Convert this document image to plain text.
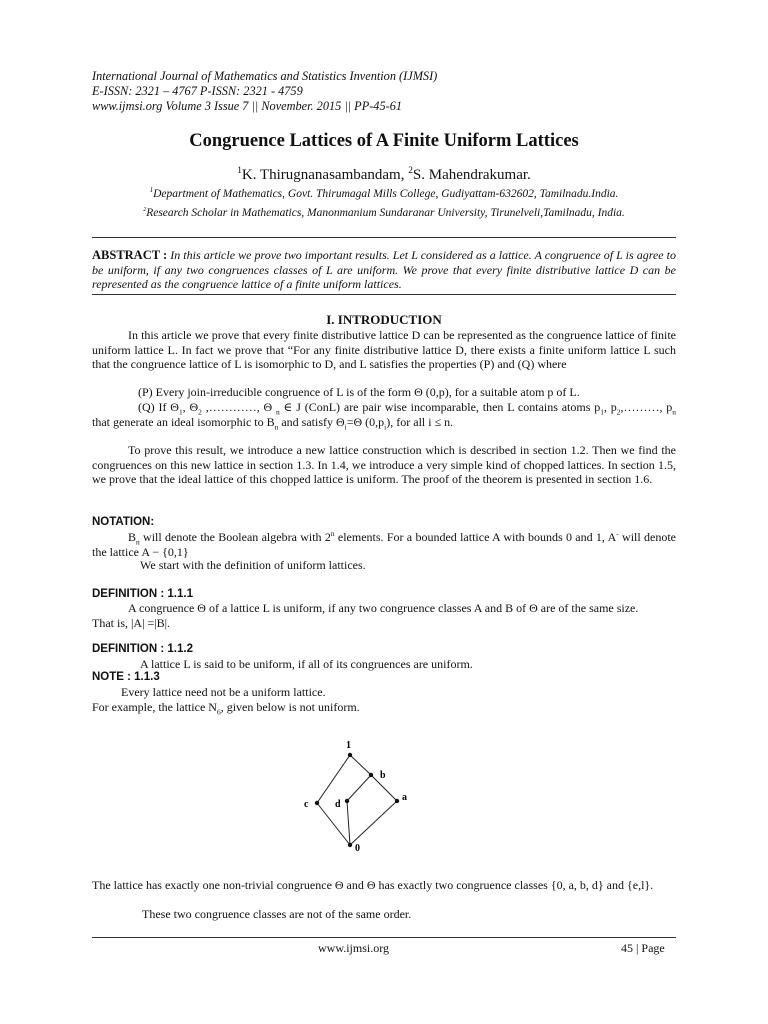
International Journal of Mathematics and Statistics Invention (IJMSI)
E-ISSN: 2321 – 4767 P-ISSN: 2321 - 4759
www.ijmsi.org Volume 3 Issue 7 || November. 2015 || PP-45-61
Congruence Lattices of A Finite Uniform Lattices
$^1$K. Thirugnanasambandam, $^2$S. Mahendrakumar.
$^1$Department of Mathematics, Govt. Thirumagal Mills College, Gudiyattam-632602, Tamilnadu.India.
$^2$Research Scholar in Mathematics, Manonmanium Sundaranar University, Tirunelveli,Tamilnadu, India.
ABSTRACT : In this article we prove two important results. Let L considered as a lattice. A congruence of L is agree to be uniform, if any two congruences classes of L are uniform. We prove that every finite distributive lattice D can be represented as the congruence lattice of a finite uniform lattices.
I. INTRODUCTION
In this article we prove that every finite distributive lattice D can be represented as the congruence lattice of finite uniform lattice L. In fact we prove that “For any finite distributive lattice D, there exists a finite uniform lattice L such that the congruence lattice of L is isomorphic to D, and L satisfies the properties (P) and (Q) where
(P) Every join-irreducible congruence of L is of the form Θ (0,p), for a suitable atom p of L.
(Q) If $\Theta_1$, $\Theta_2$ ,…………, Θ $_n$ ∈ J (ConL) are pair wise incomparable, then L contains atoms $p_1$, $p_2,\dots\dots\dots$, $p_n$ that generate an ideal isomorphic to $B_n$ and satisfy $\Theta_i=\Theta$ $(0,p_i)$, for all i ≤ n.
To prove this result, we introduce a new lattice construction which is described in section 1.2. Then we find the congruences on this new lattice in section 1.3. In 1.4, we introduce a very simple kind of chopped lattices. In section 1.5, we prove that the ideal lattice of this chopped lattice is uniform. The proof of the theorem is presented in section 1.6.
NOTATION:
$B_n$ will denote the Boolean algebra with 2$^n$ elements. For a bounded lattice A with bounds 0 and 1, A- will denote the lattice A − {0,1}
We start with the definition of uniform lattices.
DEFINITION : 1.1.1
A congruence Θ of a lattice L is uniform, if any two congruence classes A and B of Θ are of the same size.
That is, |A| =|B|.
DEFINITION : 1.1.2
A lattice L is said to be uniform, if all of its congruences are uniform.
NOTE : 1.1.3
Every lattice need not be a uniform lattice.
For example, the lattice $N_6$, given below is not uniform.
1
b
c	d
a
0
The lattice has exactly one non-trivial congruence Θ and Θ has exactly two congruence classes {0, a, b, d} and {e,l}.
These two congruence classes are not of the same order.
www.ijmsi.org	45 | Page
